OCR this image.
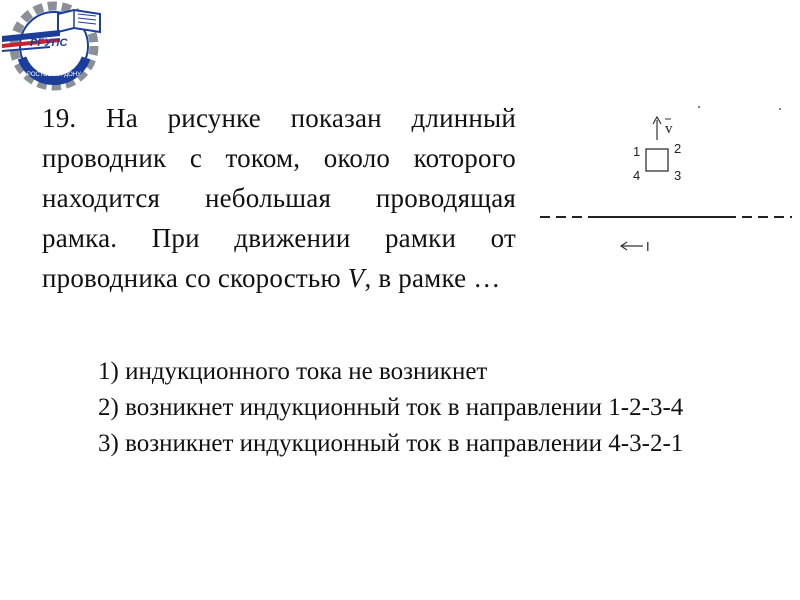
РОСТОВ-НА-ДОНУ
РГУПС
19. На рисунке показан длинный проводник с током, около которого находится небольшая проводящая рамка. При движении рамки от проводника со скоростью V, в рамке …
v
1	2
3
4
I

1) индукционного тока не возникнет

2) возникнет индукционный ток в направлении 1-2-3-4

3) возникнет индукционный ток в направлении 4-3-2-1
